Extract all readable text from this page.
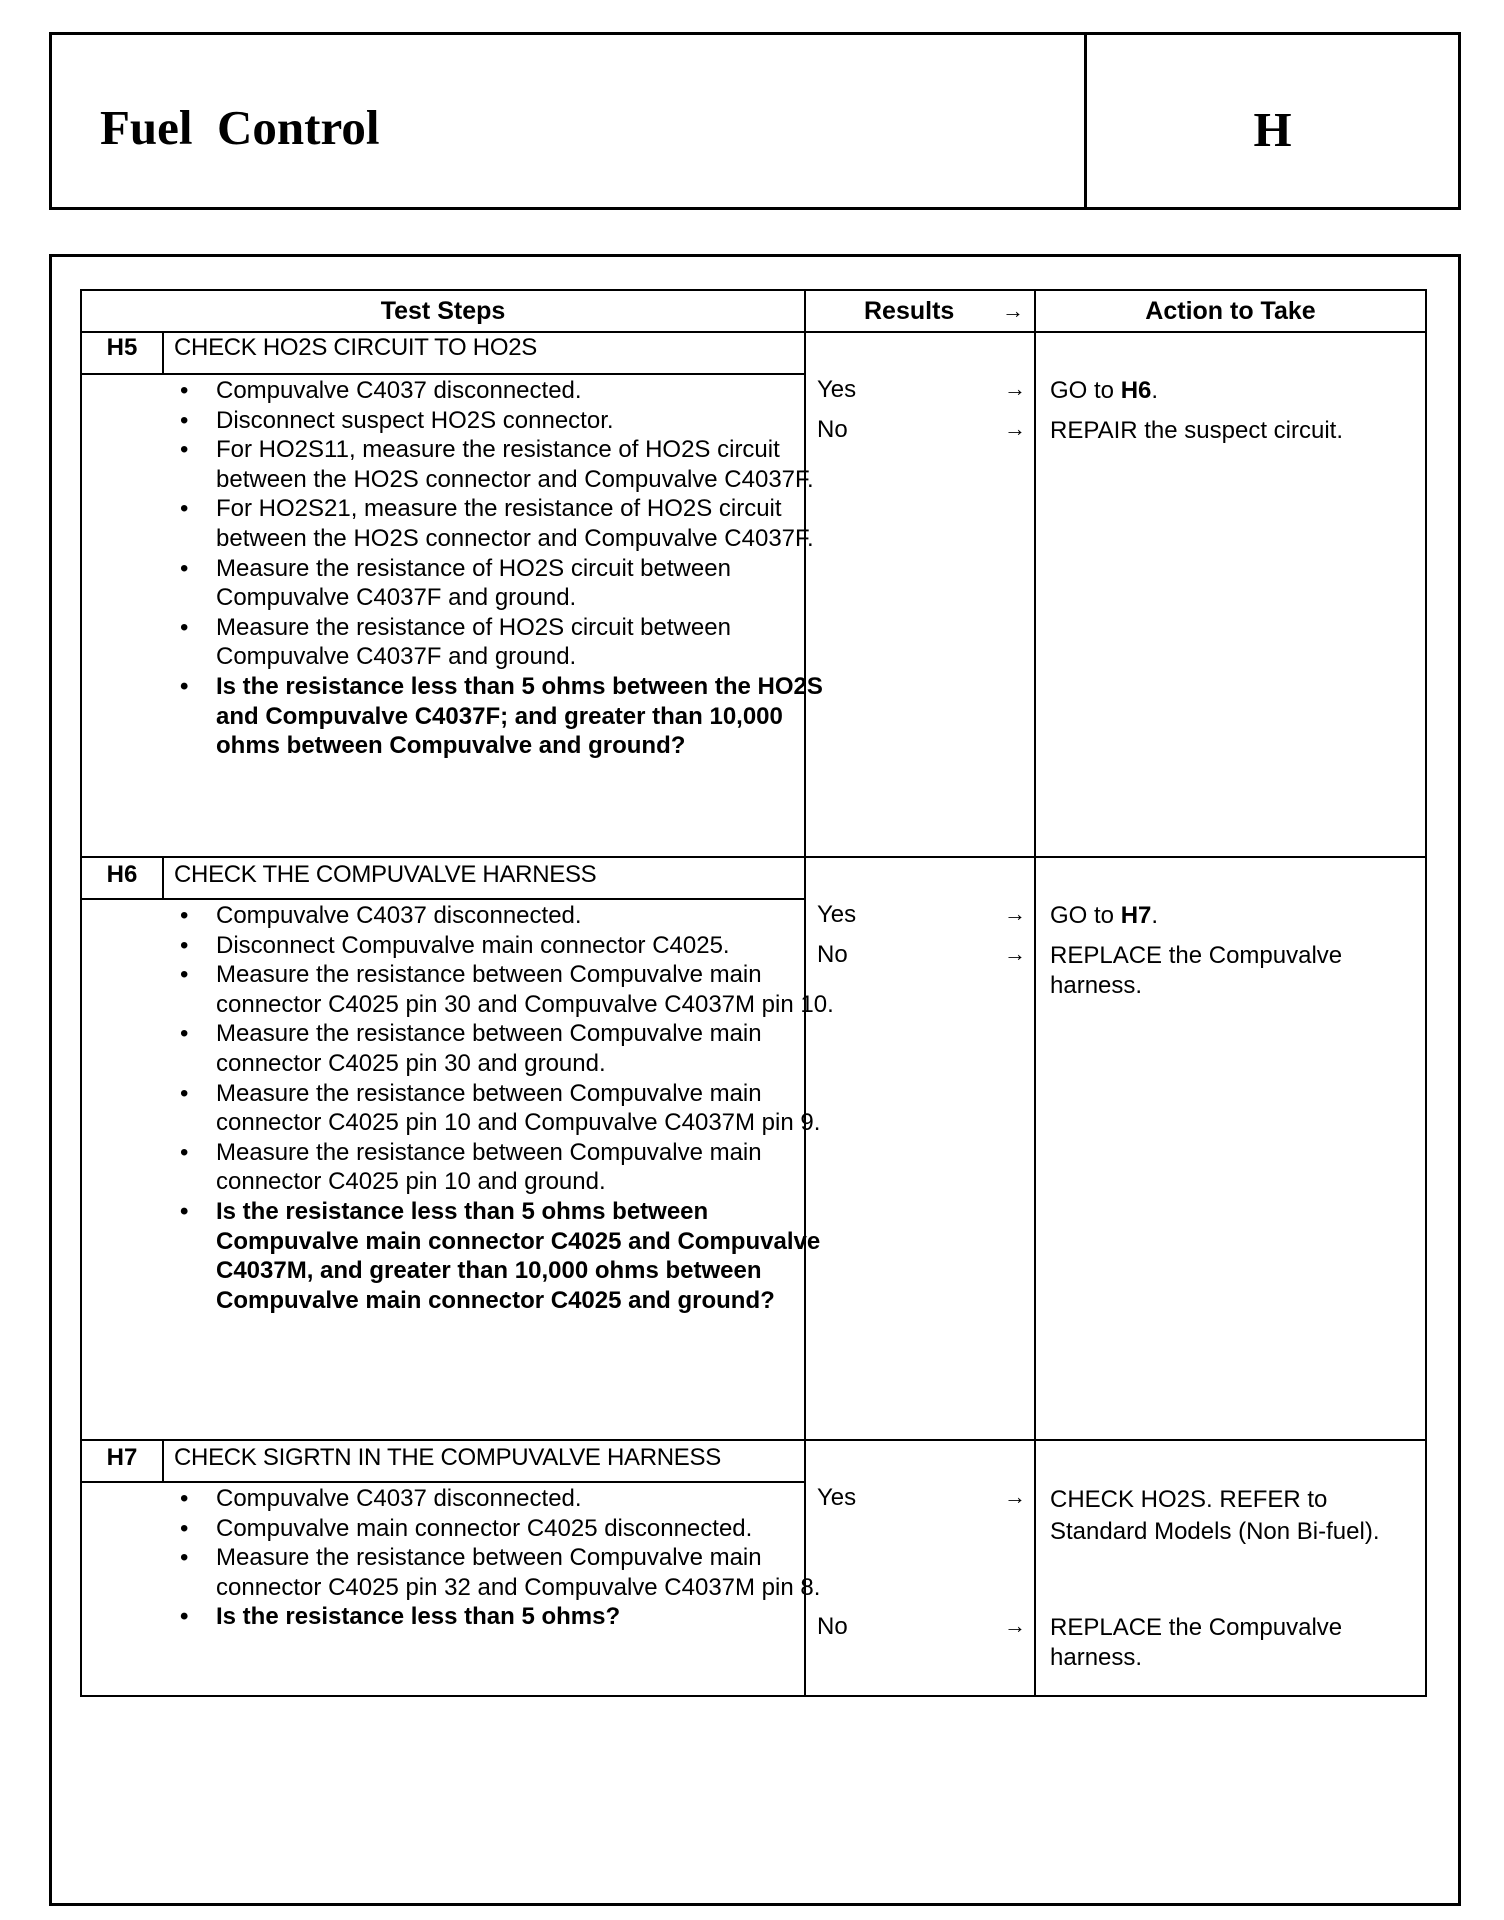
Fuel  Control	H
Test Steps	Results →	Action to Take
H5	CHECK HO2S CIRCUIT TO HO2S
• Compuvalve C4037 disconnected.
• Disconnect suspect HO2S connector.
• For HO2S11, measure the resistance of HO2S circuit between the HO2S connector and Compuvalve C4037F.
• For HO2S21, measure the resistance of HO2S circuit between the HO2S connector and Compuvalve C4037F.
• Measure the resistance of HO2S circuit between Compuvalve C4037F and ground.
• Measure the resistance of HO2S circuit between Compuvalve C4037F and ground.
• Is the resistance less than 5 ohms between the HO2S and Compuvalve C4037F; and greater than 10,000 ohms between Compuvalve and ground?
Yes	→ GO to H6.
No	→ REPAIR the suspect circuit.
H6	CHECK THE COMPUVALVE HARNESS
• Compuvalve C4037 disconnected.
• Disconnect Compuvalve main connector C4025.
• Measure the resistance between Compuvalve main connector C4025 pin 30 and Compuvalve C4037M pin 10.
• Measure the resistance between Compuvalve main connector C4025 pin 30 and ground.
• Measure the resistance between Compuvalve main connector C4025 pin 10 and Compuvalve C4037M pin 9.
• Measure the resistance between Compuvalve main connector C4025 pin 10 and ground.
• Is the resistance less than 5 ohms between Compuvalve main connector C4025 and Compuvalve C4037M, and greater than 10,000 ohms between Compuvalve main connector C4025 and ground?
Yes	→ GO to H7.
No	→ REPLACE the Compuvalve harness.
H7	CHECK SIGRTN IN THE COMPUVALVE HARNESS
• Compuvalve C4037 disconnected.
• Compuvalve main connector C4025 disconnected.
• Measure the resistance between Compuvalve main connector C4025 pin 32 and Compuvalve C4037M pin 8.
• Is the resistance less than 5 ohms?
Yes	→ CHECK HO2S. REFER to Standard Models (Non Bi-fuel).
No	→ REPLACE the Compuvalve harness.
